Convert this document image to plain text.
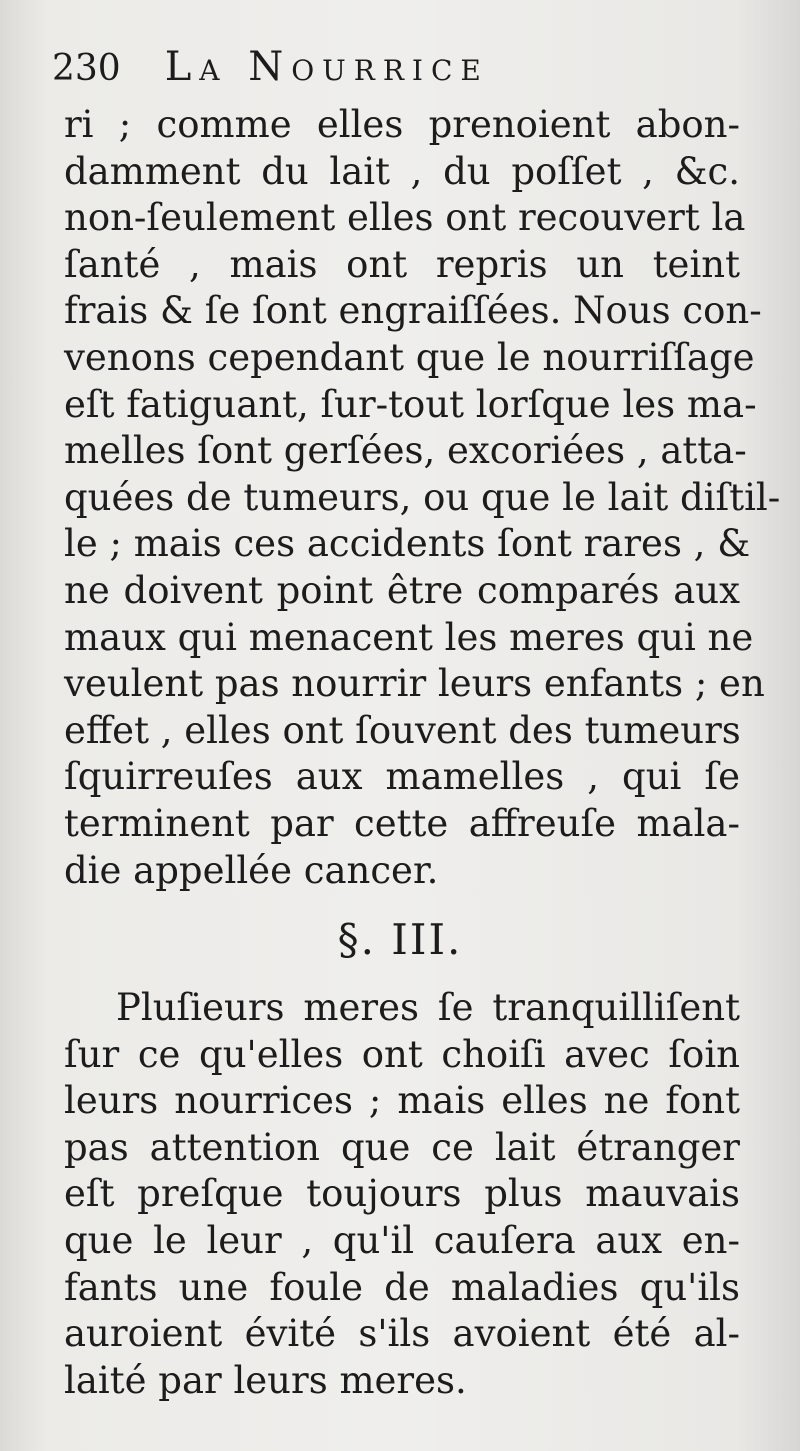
230 La Nourrice
ri ; comme elles prenoient abon-
damment du lait , du poſſet , &c.
non-ſeulement elles ont recouvert la
ſanté , mais ont repris un teint
frais & ſe ſont engraiſſées. Nous con-
venons cependant que le nourriſſage
eſt fatiguant, ſur-tout lorſque les ma-
melles ſont gerſées, excoriées , atta-
quées de tumeurs, ou que le lait diſtil-
le ; mais ces accidents ſont rares , &
ne doivent point être comparés aux
maux qui menacent les meres qui ne
veulent pas nourrir leurs enfants ; en
effet , elles ont ſouvent des tumeurs
ſquirreuſes aux mamelles , qui ſe
terminent par cette affreuſe mala-
die appellée cancer.
§. III.
Pluſieurs meres ſe tranquilliſent
ſur ce qu'elles ont choiſi avec ſoin
leurs nourrices ; mais elles ne font
pas attention que ce lait étranger
eſt preſque toujours plus mauvais
que le leur , qu'il cauſera aux en-
fants une foule de maladies qu'ils
auroient évité s'ils avoient été al-
laité par leurs meres.
